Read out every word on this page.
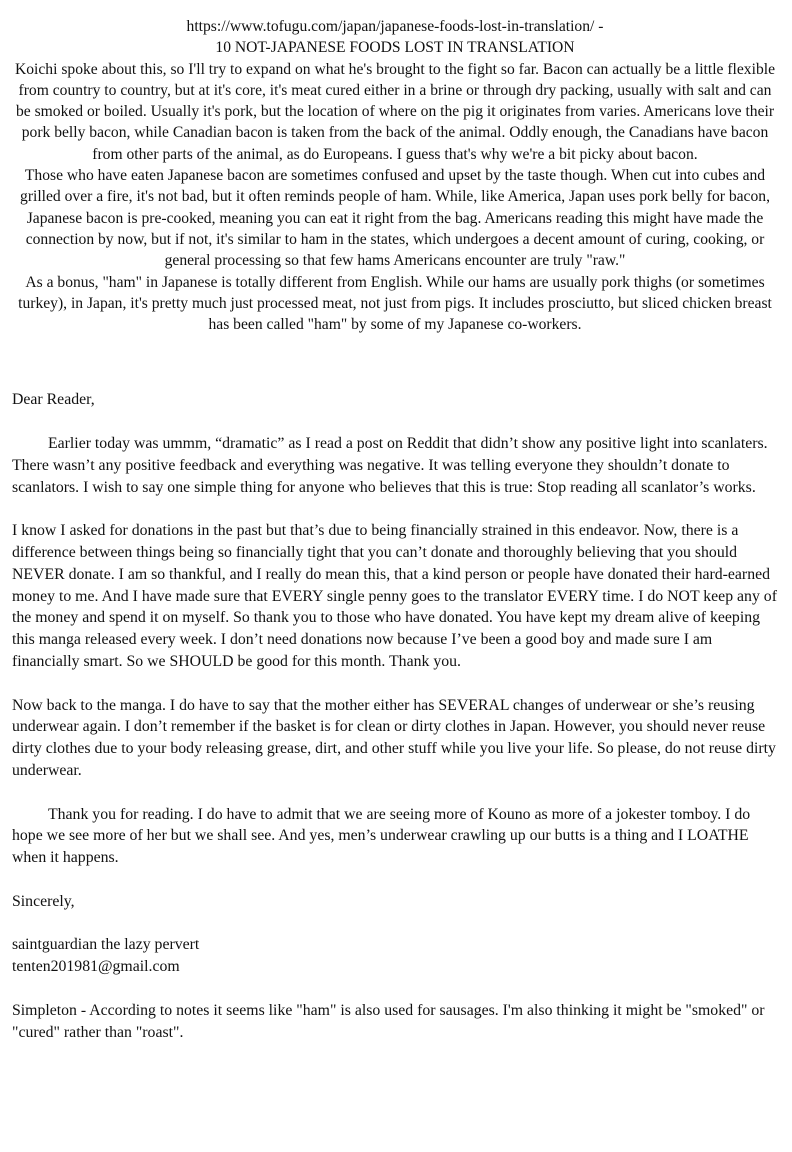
https://www.tofugu.com/japan/japanese-foods-lost-in-translation/ -

10 NOT-JAPANESE FOODS LOST IN TRANSLATION

Koichi spoke about this, so I'll try to expand on what he's brought to the fight so far. Bacon can actually be a little flexible from country to country, but at it's core, it's meat cured either in a brine or through dry packing, usually with salt and can be smoked or boiled. Usually it's pork, but the location of where on the pig it originates from varies. Americans love their pork belly bacon, while Canadian bacon is taken from the back of the animal. Oddly enough, the Canadians have bacon from other parts of the animal, as do Europeans. I guess that's why we're a bit picky about bacon.

Those who have eaten Japanese bacon are sometimes confused and upset by the taste though. When cut into cubes and grilled over a fire, it's not bad, but it often reminds people of ham. While, like America, Japan uses pork belly for bacon, Japanese bacon is pre-cooked, meaning you can eat it right from the bag. Americans reading this might have made the connection by now, but if not, it's similar to ham in the states, which undergoes a decent amount of curing, cooking, or general processing so that few hams Americans encounter are truly "raw."

As a bonus, "ham" in Japanese is totally different from English. While our hams are usually pork thighs (or sometimes turkey), in Japan, it's pretty much just processed meat, not just from pigs. It includes prosciutto, but sliced chicken breast has been called "ham" by some of my Japanese co-workers.

Dear Reader,

Earlier today was ummm, “dramatic” as I read a post on Reddit that didn’t show any positive light into scanlaters. There wasn’t any positive feedback and everything was negative. It was telling everyone they shouldn’t donate to scanlators. I wish to say one simple thing for anyone who believes that this is true: Stop reading all scanlator’s works.

I know I asked for donations in the past but that’s due to being financially strained in this endeavor. Now, there is a difference between things being so financially tight that you can’t donate and thoroughly believing that you should NEVER donate. I am so thankful, and I really do mean this, that a kind person or people have donated their hard-earned money to me. And I have made sure that EVERY single penny goes to the translator EVERY time. I do NOT keep any of the money and spend it on myself. So thank you to those who have donated. You have kept my dream alive of keeping this manga released every week. I don’t need donations now because I’ve been a good boy and made sure I am financially smart. So we SHOULD be good for this month. Thank you.

Now back to the manga. I do have to say that the mother either has SEVERAL changes of underwear or she’s reusing underwear again. I don’t remember if the basket is for clean or dirty clothes in Japan. However, you should never reuse dirty clothes due to your body releasing grease, dirt, and other stuff while you live your life. So please, do not reuse dirty underwear.

Thank you for reading. I do have to admit that we are seeing more of Kouno as more of a jokester tomboy. I do hope we see more of her but we shall see. And yes, men’s underwear crawling up our butts is a thing and I LOATHE when it happens.

Sincerely,

saintguardian the lazy pervert
tenten201981@gmail.com

Simpleton - According to notes it seems like "ham" is also used for sausages. I'm also thinking it might be "smoked" or "cured" rather than "roast".
